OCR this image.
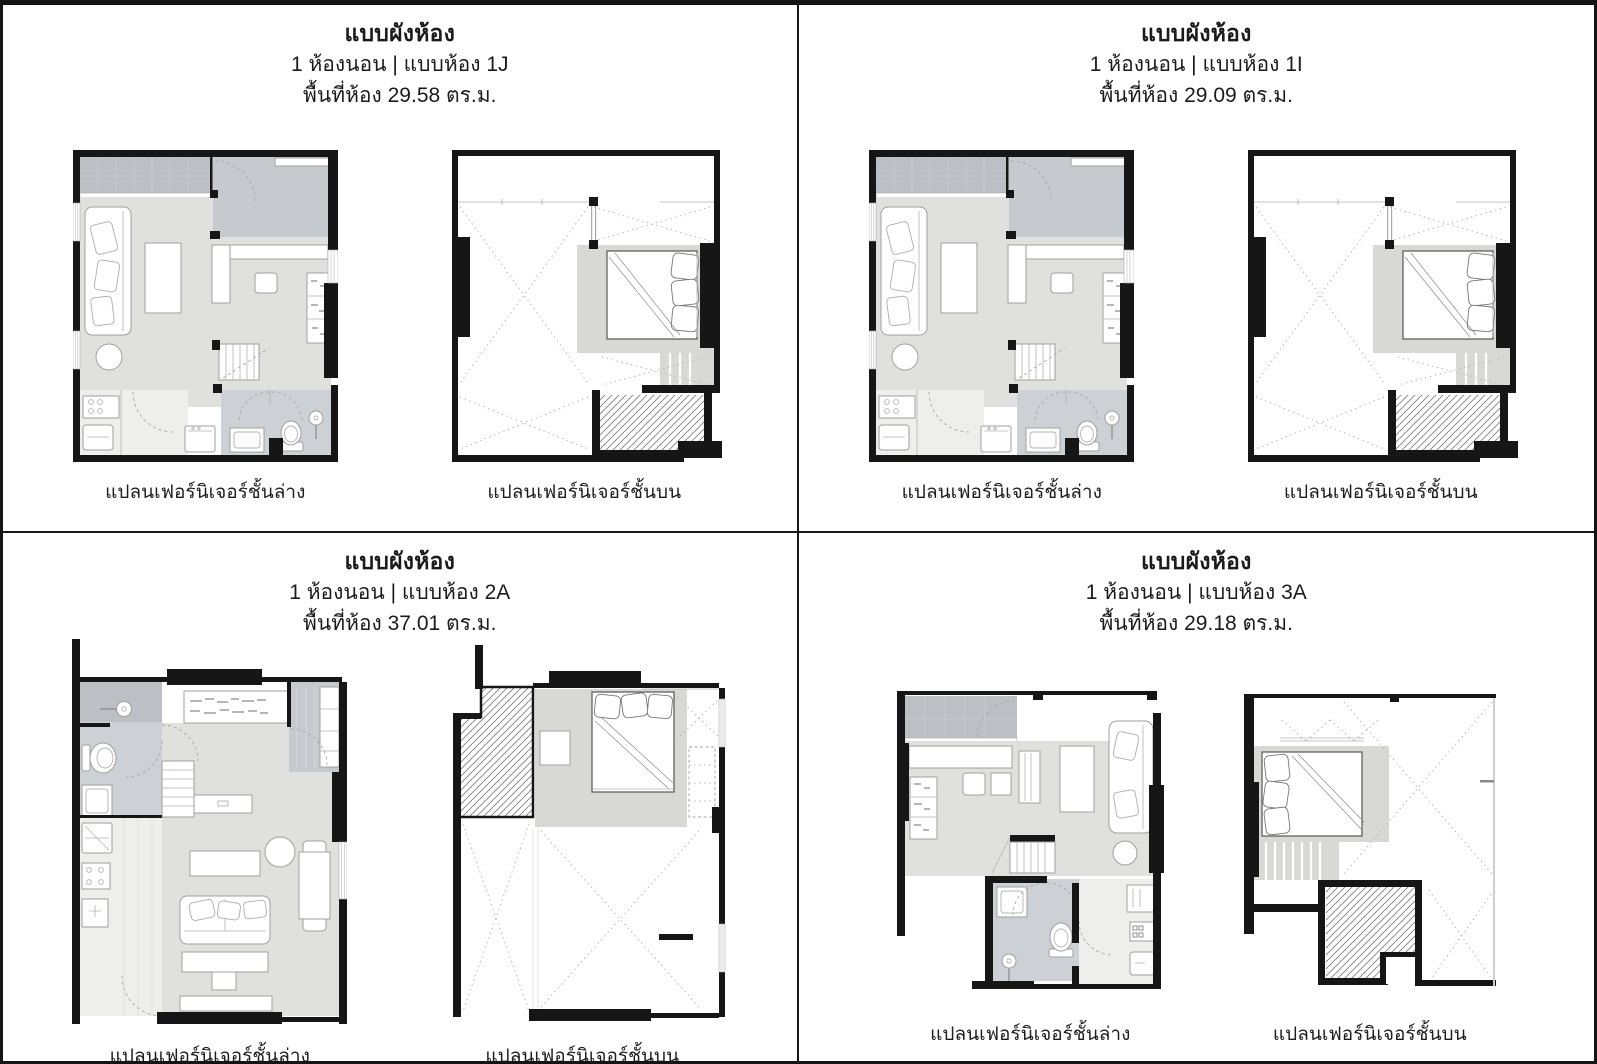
แบบผังห้อง
1 ห้องนอน | แบบห้อง 1J
พื้นที่ห้อง 29.58 ตร.ม.
แปลนเฟอร์นิเจอร์ชั้นล่าง	แปลนเฟอร์นิเจอร์ชั้นบน
แบบผังห้อง
1 ห้องนอน | แบบห้อง 1I
พื้นที่ห้อง 29.09 ตร.ม.
แปลนเฟอร์นิเจอร์ชั้นล่าง	แปลนเฟอร์นิเจอร์ชั้นบน
แบบผังห้อง
1 ห้องนอน | แบบห้อง 2A
พื้นที่ห้อง 37.01 ตร.ม.
แปลนเฟอร์นิเจอร์ชั้นล่าง	แปลนเฟอร์นิเจอร์ชั้นบน
แบบผังห้อง
1 ห้องนอน | แบบห้อง 3A
พื้นที่ห้อง 29.18 ตร.ม.
แปลนเฟอร์นิเจอร์ชั้นล่าง	แปลนเฟอร์นิเจอร์ชั้นบน
